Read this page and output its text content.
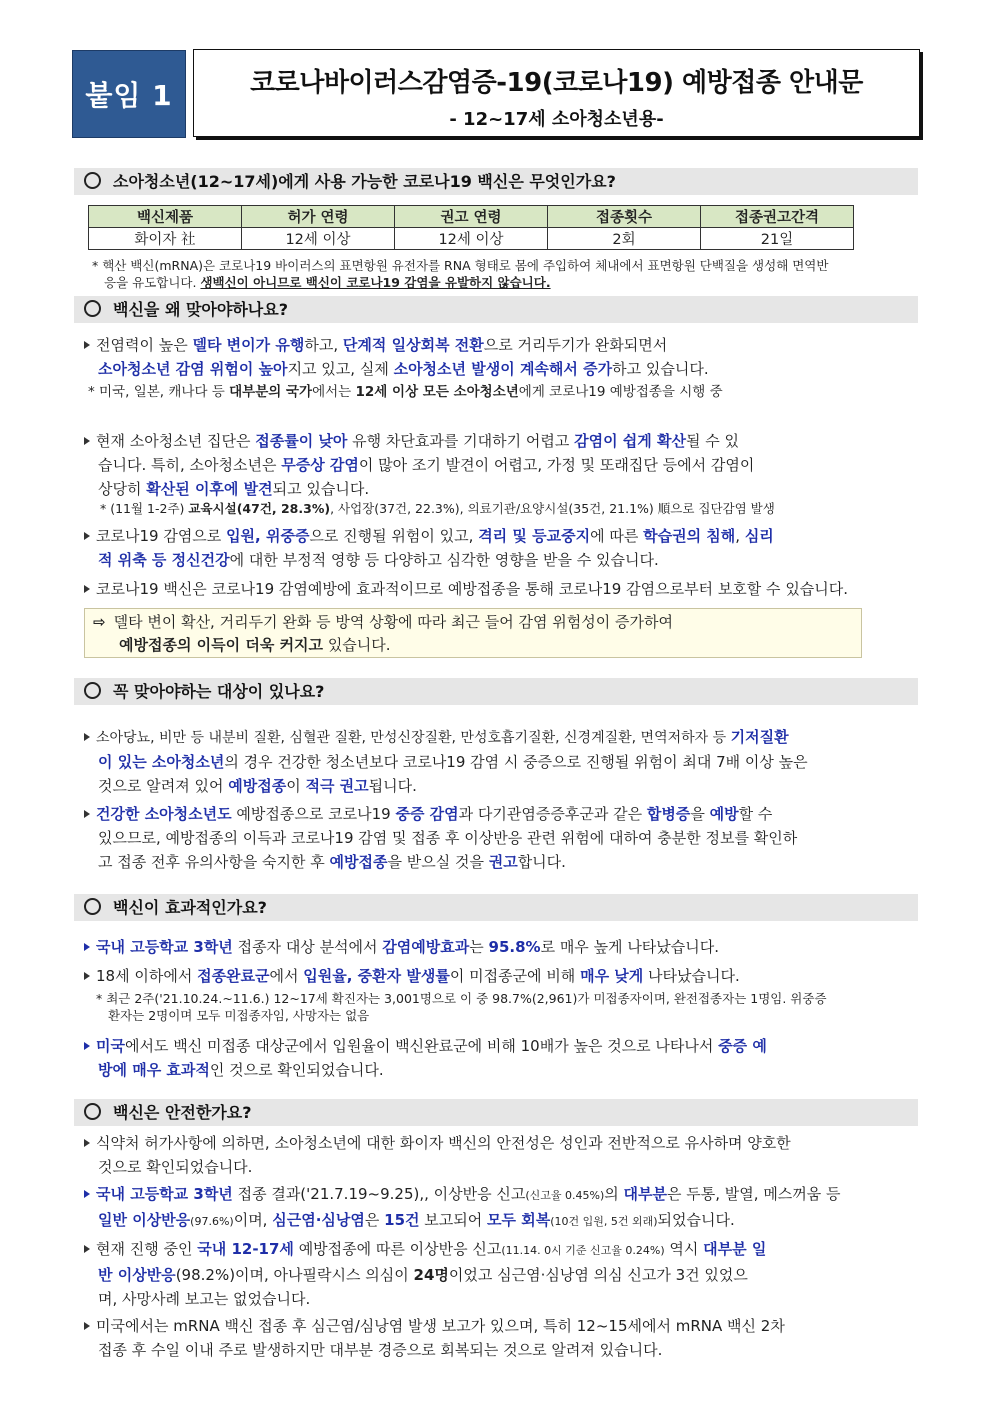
붙임 1	코로나바이러스감염증-19(코로나19) 예방접종 안내문
- 12~17세 소아청소년용-
소아청소년(12~17세)에게 사용 가능한 코로나19 백신은 무엇인가요?
백신제품	허가 연령	권고 연령	접종횟수	접종권고간격
화이자 社	12세 이상	12세 이상	2회	21일
* 핵산 백신(mRNA)은 코로나19 바이러스의 표면항원 유전자를 RNA 형태로 몸에 주입하여 체내에서 표면항원 단백질을 생성해 면역반
응을 유도합니다. 생백신이 아니므로 백신이 코로나19 감염을 유발하지 않습니다.
백신을 왜 맞아야하나요?
전염력이 높은 델타 변이가 유행하고, 단계적 일상회복 전환으로 거리두기가 완화되면서
소아청소년 감염 위험이 높아지고 있고, 실제 소아청소년 발생이 계속해서 증가하고 있습니다.
* 미국, 일본, 캐나다 등 대부분의 국가에서는 12세 이상 모든 소아청소년에게 코로나19 예방접종을 시행 중
현재 소아청소년 집단은 접종률이 낮아 유행 차단효과를 기대하기 어렵고 감염이 쉽게 확산될 수 있
습니다. 특히, 소아청소년은 무증상 감염이 많아 조기 발견이 어렵고, 가정 및 또래집단 등에서 감염이
상당히 확산된 이후에 발견되고 있습니다.
* (11월 1-2주) 교육시설(47건, 28.3%), 사업장(37건, 22.3%), 의료기관/요양시설(35건, 21.1%) 順으로 집단감염 발생
코로나19 감염으로 입원, 위중증으로 진행될 위험이 있고, 격리 및 등교중지에 따른 학습권의 침해, 심리
적 위축 등 정신건강에 대한 부정적 영향 등 다양하고 심각한 영향을 받을 수 있습니다.
코로나19 백신은 코로나19 감염예방에 효과적이므로 예방접종을 통해 코로나19 감염으로부터 보호할 수 있습니다.
⇨ 델타 변이 확산, 거리두기 완화 등 방역 상황에 따라 최근 들어 감염 위험성이 증가하여
예방접종의 이득이 더욱 커지고 있습니다.
꼭 맞아야하는 대상이 있나요?
소아당뇨, 비만 등 내분비 질환, 심혈관 질환, 만성신장질환, 만성호흡기질환, 신경계질환, 면역저하자 등 기저질환
이 있는 소아청소년의 경우 건강한 청소년보다 코로나19 감염 시 중증으로 진행될 위험이 최대 7배 이상 높은
것으로 알려져 있어 예방접종이 적극 권고됩니다.
건강한 소아청소년도 예방접종으로 코로나19 중증 감염과 다기관염증증후군과 같은 합병증을 예방할 수
있으므로, 예방접종의 이득과 코로나19 감염 및 접종 후 이상반응 관련 위험에 대하여 충분한 정보를 확인하
고 접종 전후 유의사항을 숙지한 후 예방접종을 받으실 것을 권고합니다.
백신이 효과적인가요?
국내 고등학교 3학년 접종자 대상 분석에서 감염예방효과는 95.8%로 매우 높게 나타났습니다.
18세 이하에서 접종완료군에서 입원율, 중환자 발생률이 미접종군에 비해 매우 낮게 나타났습니다.
* 최근 2주('21.10.24.~11.6.) 12~17세 확진자는 3,001명으로 이 중 98.7%(2,961)가 미접종자이며, 완전접종자는 1명임. 위중증
환자는 2명이며 모두 미접종자임, 사망자는 없음
미국에서도 백신 미접종 대상군에서 입원율이 백신완료군에 비해 10배가 높은 것으로 나타나서 중증 예
방에 매우 효과적인 것으로 확인되었습니다.
백신은 안전한가요?
식약처 허가사항에 의하면, 소아청소년에 대한 화이자 백신의 안전성은 성인과 전반적으로 유사하며 양호한
것으로 확인되었습니다.
국내 고등학교 3학년 접종 결과('21.7.19~9.25),, 이상반응 신고(신고율 0.45%)의 대부분은 두통, 발열, 메스꺼움 등
일반 이상반응(97.6%)이며, 심근염·심낭염은 15건 보고되어 모두 회복(10건 입원, 5건 외래)되었습니다.
현재 진행 중인 국내 12-17세 예방접종에 따른 이상반응 신고(11.14. 0시 기준 신고율 0.24%) 역시 대부분 일
반 이상반응(98.2%)이며, 아나필락시스 의심이 24명이었고 심근염·심낭염 의심 신고가 3건 있었으
며, 사망사례 보고는 없었습니다.
미국에서는 mRNA 백신 접종 후 심근염/심낭염 발생 보고가 있으며, 특히 12~15세에서 mRNA 백신 2차
접종 후 수일 이내 주로 발생하지만 대부분 경증으로 회복되는 것으로 알려져 있습니다.
